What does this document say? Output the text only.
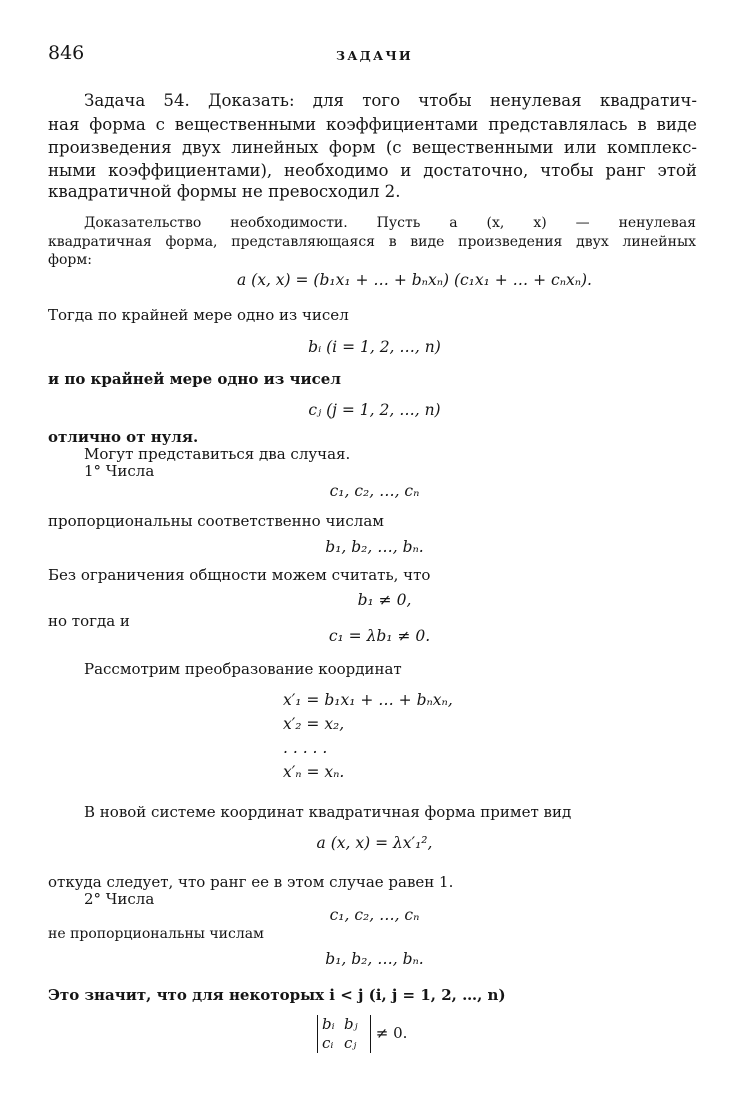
846	ЗАДАЧИ
Задача 54. Доказать: для того чтобы ненулевая квадратич-
ная форма с вещественными коэффициентами представлялась в виде
произведения двух линейных форм (с вещественными или комплекс-
ными коэффициентами), необходимо и достаточно, чтобы ранг этой
квадратичной формы не превосходил 2.
Доказательство необходимости. Пусть a (x, x) — ненулевая
квадратичная форма, представляющаяся в виде произведения двух линейных
форм:
a (x, x) = (b₁x₁ + … + bₙxₙ) (c₁x₁ + … + cₙxₙ).
Тогда по крайней мере одно из чисел
bᵢ (i = 1, 2, …, n)
и по крайней мере одно из чисел
cⱼ (j = 1, 2, …, n)
отлично от нуля.
Могут представиться два случая.
1° Числа
c₁, c₂, …, cₙ
пропорциональны соответственно числам
b₁, b₂, …, bₙ.
Без ограничения общности можем считать, что
b₁ ≠ 0,
но тогда и
c₁ = λb₁ ≠ 0.
Рассмотрим преобразование координат
x′₁ = b₁x₁ + … + bₙxₙ,
x′₂ = x₂,
. . . . .
x′ₙ = xₙ.
В новой системе координат квадратичная форма примет вид
a (x, x) = λx′₁²,
откуда следует, что ранг ее в этом случае равен 1.
2° Числа
c₁, c₂, …, cₙ
не пропорциональны числам
b₁, b₂, …, bₙ.
Это значит, что для некоторых i < j (i, j = 1, 2, …, n)
bᵢ bⱼ
cᵢ cⱼ ≠ 0.
